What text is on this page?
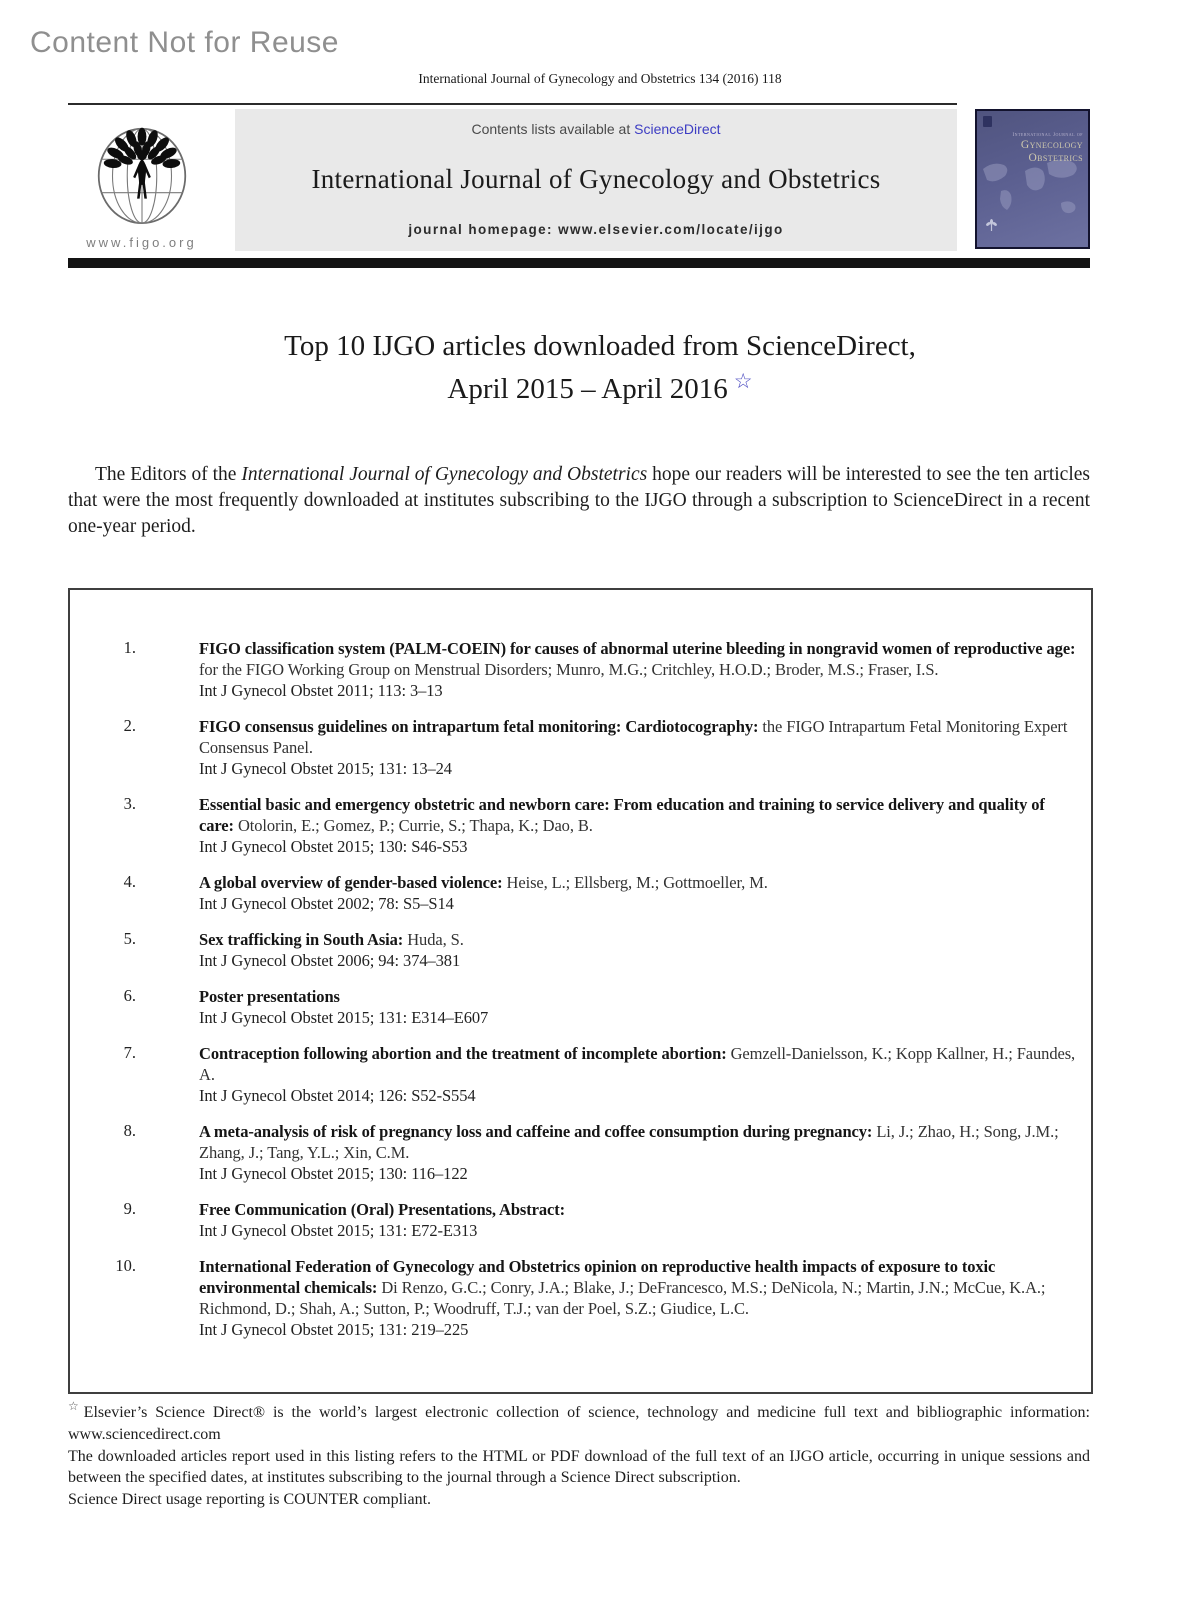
Content Not for Reuse
International Journal of Gynecology and Obstetrics 134 (2016) 118
www.figo.org
Contents lists available at ScienceDirect
International Journal of Gynecology and Obstetrics
journal homepage: www.elsevier.com/locate/ijgo
International Journal of
Gynecology
Obstetrics
Top 10 IJGO articles downloaded from ScienceDirect,
April 2015 – April 2016 ☆

The Editors of the International Journal of Gynecology and Obstetrics hope our readers will be interested to see the ten articles that were the most frequently downloaded at institutes subscribing to the IJGO through a subscription to ScienceDirect in a recent one-year period.

1.	FIGO classification system (PALM-COEIN) for causes of abnormal uterine bleeding in nongravid women of reproductive age: for the FIGO Working Group on Menstrual Disorders; Munro, M.G.; Critchley, H.O.D.; Broder, M.S.; Fraser, I.S.
Int J Gynecol Obstet 2011; 113: 3–13
2.	FIGO consensus guidelines on intrapartum fetal monitoring: Cardiotocography: the FIGO Intrapartum Fetal Monitoring Expert Consensus Panel.
Int J Gynecol Obstet 2015; 131: 13–24
3.	Essential basic and emergency obstetric and newborn care: From education and training to service delivery and quality of care: Otolorin, E.; Gomez, P.; Currie, S.; Thapa, K.; Dao, B.
Int J Gynecol Obstet 2015; 130: S46-S53
4.	A global overview of gender-based violence: Heise, L.; Ellsberg, M.; Gottmoeller, M.
Int J Gynecol Obstet 2002; 78: S5–S14
5.	Sex trafficking in South Asia: Huda, S.
Int J Gynecol Obstet 2006; 94: 374–381
6.	Poster presentations
Int J Gynecol Obstet 2015; 131: E314–E607
7.	Contraception following abortion and the treatment of incomplete abortion: Gemzell-Danielsson, K.; Kopp Kallner, H.; Faundes, A.
Int J Gynecol Obstet 2014; 126: S52-S554
8.	A meta-analysis of risk of pregnancy loss and caffeine and coffee consumption during pregnancy: Li, J.; Zhao, H.; Song, J.M.; Zhang, J.; Tang, Y.L.; Xin, C.M.
Int J Gynecol Obstet 2015; 130: 116–122
9.	Free Communication (Oral) Presentations, Abstract:
Int J Gynecol Obstet 2015; 131: E72-E313
10.	International Federation of Gynecology and Obstetrics opinion on reproductive health impacts of exposure to toxic environmental chemicals: Di Renzo, G.C.; Conry, J.A.; Blake, J.; DeFrancesco, M.S.; DeNicola, N.; Martin, J.N.; McCue, K.A.; Richmond, D.; Shah, A.; Sutton, P.; Woodruff, T.J.; van der Poel, S.Z.; Giudice, L.C.
Int J Gynecol Obstet 2015; 131: 219–225

☆Elsevier’s Science Direct® is the world’s largest electronic collection of science, technology and medicine full text and bibliographic information: www.sciencedirect.com

The downloaded articles report used in this listing refers to the HTML or PDF download of the full text of an IJGO article, occurring in unique sessions and between the specified dates, at institutes subscribing to the journal through a Science Direct subscription.

Science Direct usage reporting is COUNTER compliant.
